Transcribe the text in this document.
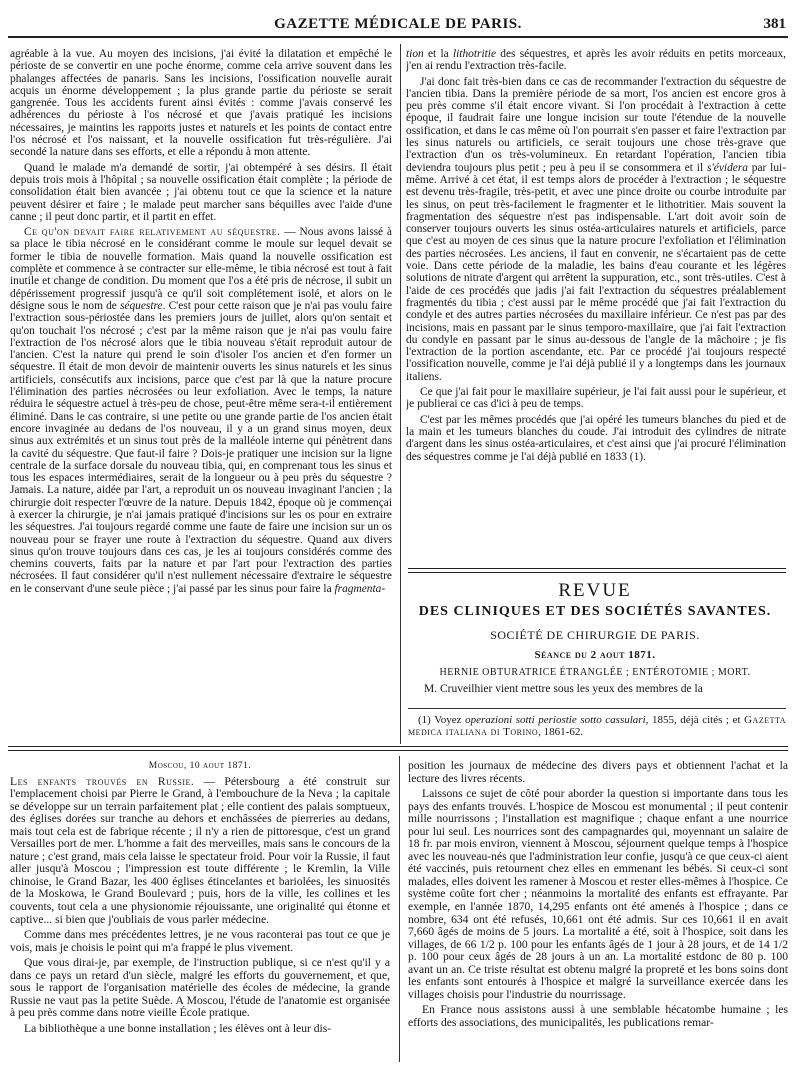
GAZETTE MÉDICALE DE PARIS.	381

agréable à la vue. Au moyen des incisions, j'ai évité la dilatation et empêché le périoste de se convertir en une poche énorme, comme cela arrive souvent dans les phalanges affectées de panaris. Sans les incisions, l'ossification nouvelle aurait acquis un énorme développement ; la plus grande partie du périoste se serait gangrenée. Tous les accidents furent ainsi évités : comme j'avais conservé les adhérences du périoste à l'os nécrosé et que j'avais pratiqué les incisions nécessaires, je maintins les rapports justes et naturels et les points de contact entre l'os nécrosé et l'os naissant, et la nouvelle ossification fut très-régulière. J'ai secondé la nature dans ses efforts, et elle a répondu à mon attente.

Quand le malade m'a demandé de sortir, j'ai obtempéré à ses désirs. Il était depuis trois mois à l'hôpital ; sa nouvelle ossification était complète ; la période de consolidation était bien avancée ; j'ai obtenu tout ce que la science et la nature peuvent désirer et faire ; le malade peut marcher sans béquilles avec l'aide d'une canne ; il peut donc partir, et il partit en effet.

Ce qu'on devait faire relativement au séquestre. — Nous avons laissé à sa place le tibia nécrosé en le considérant comme le moule sur lequel devait se former le tibia de nouvelle formation. Mais quand la nouvelle ossification est complète et commence à se contracter sur elle-même, le tibia nécrosé est tout à fait inutile et change de condition. Du moment que l'os a été pris de nécrose, il subit un dépérissement progressif jusqu'à ce qu'il soit complétement isolé, et alors on le désigne sous le nom de séquestre. C'est pour cette raison que je n'ai pas voulu faire l'extraction sous-périostée dans les premiers jours de juillet, alors qu'on sentait et qu'on touchait l'os nécrosé ; c'est par la même raison que je n'ai pas voulu faire l'extraction de l'os nécrosé alors que le tibia nouveau s'était reproduit autour de l'ancien. C'est la nature qui prend le soin d'isoler l'os ancien et d'en former un séquestre. Il était de mon devoir de maintenir ouverts les sinus naturels et les sinus artificiels, consécutifs aux incisions, parce que c'est par là que la nature procure l'élimination des parties nécrosées ou leur exfoliation. Avec le temps, la nature réduira le séquestre actuel à très-peu de chose, peut-être même sera-t-il entièrement éliminé. Dans le cas contraire, si une petite ou une grande partie de l'os ancien était encore invaginée au dedans de l'os nouveau, il y a un grand sinus moyen, deux sinus aux extrémités et un sinus tout près de la malléole interne qui pénètrent dans la cavité du séquestre. Que faut-il faire ? Dois-je pratiquer une incision sur la ligne centrale de la surface dorsale du nouveau tibia, qui, en comprenant tous les sinus et tous les espaces intermédiaires, serait de la longueur ou à peu près du séquestre ? Jamais. La nature, aidée par l'art, a reproduit un os nouveau invaginant l'ancien ; la chirurgie doit respecter l'œuvre de la nature. Depuis 1842, époque où je commençai à exercer la chirurgie, je n'ai jamais pratiqué d'incisions sur les os pour en extraire les séquestres. J'ai toujours regardé comme une faute de faire une incision sur un os nouveau pour se frayer une route à l'extraction du séquestre. Quand aux divers sinus qu'on trouve toujours dans ces cas, je les ai toujours considérés comme des chemins couverts, faits par la nature et par l'art pour l'extraction des parties nécrosées. Il faut considérer qu'il n'est nullement nécessaire d'extraire le séquestre en le conservant d'une seule pièce ; j'ai passé par les sinus pour faire la fragmenta-

tion et la lithotritie des séquestres, et après les avoir réduits en petits morceaux, j'en ai rendu l'extraction très-facile.

J'ai donc fait très-bien dans ce cas de recommander l'extraction du séquestre de l'ancien tibia. Dans la première période de sa mort, l'os ancien est encore gros à peu près comme s'il était encore vivant. Si l'on procédait à l'extraction à cette époque, il faudrait faire une longue incision sur toute l'étendue de la nouvelle ossification, et dans le cas même où l'on pourrait s'en passer et faire l'extraction par les sinus naturels ou artificiels, ce serait toujours une chose très-grave que l'extraction d'un os très-volumineux. En retardant l'opération, l'ancien tibia deviendra toujours plus petit ; peu à peu il se consommera et il s'évidera par lui-même. Arrivé à cet état, il est temps alors de procéder à l'extraction ; le séquestre est devenu très-fragile, très-petit, et avec une pince droite ou courbe introduite par les sinus, on peut très-facilement le fragmenter et le lithotritier. Mais souvent la fragmentation des séquestre n'est pas indispensable. L'art doit avoir soin de conserver toujours ouverts les sinus ostéa-articulaires naturels et artificiels, parce que c'est au moyen de ces sinus que la nature procure l'exfoliation et l'élimination des parties nécrosées. Les anciens, il faut en convenir, ne s'écartaient pas de cette voie. Dans cette période de la maladie, les bains d'eau courante et les légères solutions de nitrate d'argent qui arrêtent la suppuration, etc., sont très-utiles. C'est à l'aide de ces procédés que jadis j'ai fait l'extraction du séquestres préalablement fragmentés du tibia ; c'est aussi par le même procédé que j'ai fait l'extraction du condyle et des autres parties nécrosées du maxillaire inférieur. Ce n'est pas par des incisions, mais en passant par le sinus temporo-maxillaire, que j'ai fait l'extraction du condyle en passant par le sinus au-dessous de l'angle de la mâchoire ; je fis l'extraction de la portion ascendante, etc. Par ce procédé j'ai toujours respecté l'ossification nouvelle, comme je l'ai déjà publié il y a longtemps dans les journaux italiens.

Ce que j'ai fait pour le maxillaire supérieur, je l'ai fait aussi pour le supérieur, et je publierai ce cas d'ici à peu de temps.

C'est par les mêmes procédés que j'ai opéré les tumeurs blanches du pied et de la main et les tumeurs blanches du coude. J'ai introduit des cylindres de nitrate d'argent dans les sinus ostéa-articulaires, et c'est ainsi que j'ai procuré l'élimination des séquestres comme je l'ai déjà publié en 1833 (1).

REVUE
DES CLINIQUES ET DES SOCIÉTÉS SAVANTES.
SOCIÉTÉ DE CHIRURGIE DE PARIS.
Séance du 2 aout 1871.
HERNIE OBTURATRICE ÉTRANGLÉE ; ENTÉROTOMIE ; MORT.
M. Cruveilhier vient mettre sous les yeux des membres de la

(1) Voyez operazioni sotti periostie sotto cassulari, 1855, déjà cités ; et Gazetta medica italiana di Torino, 1861-62.

Moscou, 10 aout 1871.

Les enfants trouvés en Russie. — Pétersbourg a été construit sur l'emplacement choisi par Pierre le Grand, à l'embouchure de la Neva ; la capitale se développe sur un terrain parfaitement plat ; elle contient des palais somptueux, des églises dorées sur tranche au dehors et enchâssées de pierreries au dedans, mais tout cela est de fabrique récente ; il n'y a rien de pittoresque, c'est un grand Versailles port de mer. L'homme a fait des merveilles, mais sans le concours de la nature ; c'est grand, mais cela laisse le spectateur froid. Pour voir la Russie, il faut aller jusqu'à Moscou ; l'impression est toute différente ; le Kremlin, la Ville chinoise, le Grand Bazar, les 400 églises étincelantes et bariolées, les sinuosités de la Moskowa, le Grand Boulevard ; puis, hors de la ville, les collines et les couvents, tout cela a une physionomie réjouissante, une originalité qui étonne et captive... si bien que j'oubliais de vous parler médecine.

Comme dans mes précédentes lettres, je ne vous raconterai pas tout ce que je vois, mais je choisis le point qui m'a frappé le plus vivement.

Que vous dirai-je, par exemple, de l'instruction publique, si ce n'est qu'il y a dans ce pays un retard d'un siècle, malgré les efforts du gouvernement, et que, sous le rapport de l'organisation matérielle des écoles de médecine, la grande Russie ne vaut pas la petite Suède. A Moscou, l'étude de l'anatomie est organisée à peu près comme dans notre vieille École pratique.

La bibliothèque a une bonne installation ; les élèves ont à leur dis-

position les journaux de médecine des divers pays et obtiennent l'achat et la lecture des livres récents.

Laissons ce sujet de côté pour aborder la question si importante dans tous les pays des enfants trouvés. L'hospice de Moscou est monumental ; il peut contenir mille nourrissons ; l'installation est magnifique ; chaque enfant a une nourrice pour lui seul. Les nourrices sont des campagnardes qui, moyennant un salaire de 18 fr. par mois environ, viennent à Moscou, séjournent quelque temps à l'hospice avec les nouveau-nés que l'administration leur confie, jusqu'à ce que ceux-ci aient été vaccinés, puis retournent chez elles en emmenant les bébés. Si ceux-ci sont malades, elles doivent les ramener à Moscou et rester elles-mêmes à l'hospice. Ce système coûte fort cher ; néanmoins la mortalité des enfants est effrayante. Par exemple, en l'année 1870, 14,295 enfants ont été amenés à l'hospice ; dans ce nombre, 634 ont été refusés, 10,661 ont été admis. Sur ces 10,661 il en avait 7,660 âgés de moins de 5 jours. La mortalité a été, soit à l'hospice, soit dans les villages, de 66 1/2 p. 100 pour les enfants âgés de 1 jour à 28 jours, et de 14 1/2 p. 100 pour ceux âgés de 28 jours à un an. La mortalité estdonc de 80 p. 100 avant un an. Ce triste résultat est obtenu malgré la propreté et les bons soins dont les enfants sont entourés à l'hospice et malgré la surveillance exercée dans les villages choisis pour l'industrie du nourrissage.

En France nous assistons aussi à une semblable hécatombe humaine ; les efforts des associations, des municipalités, les publications remar-
